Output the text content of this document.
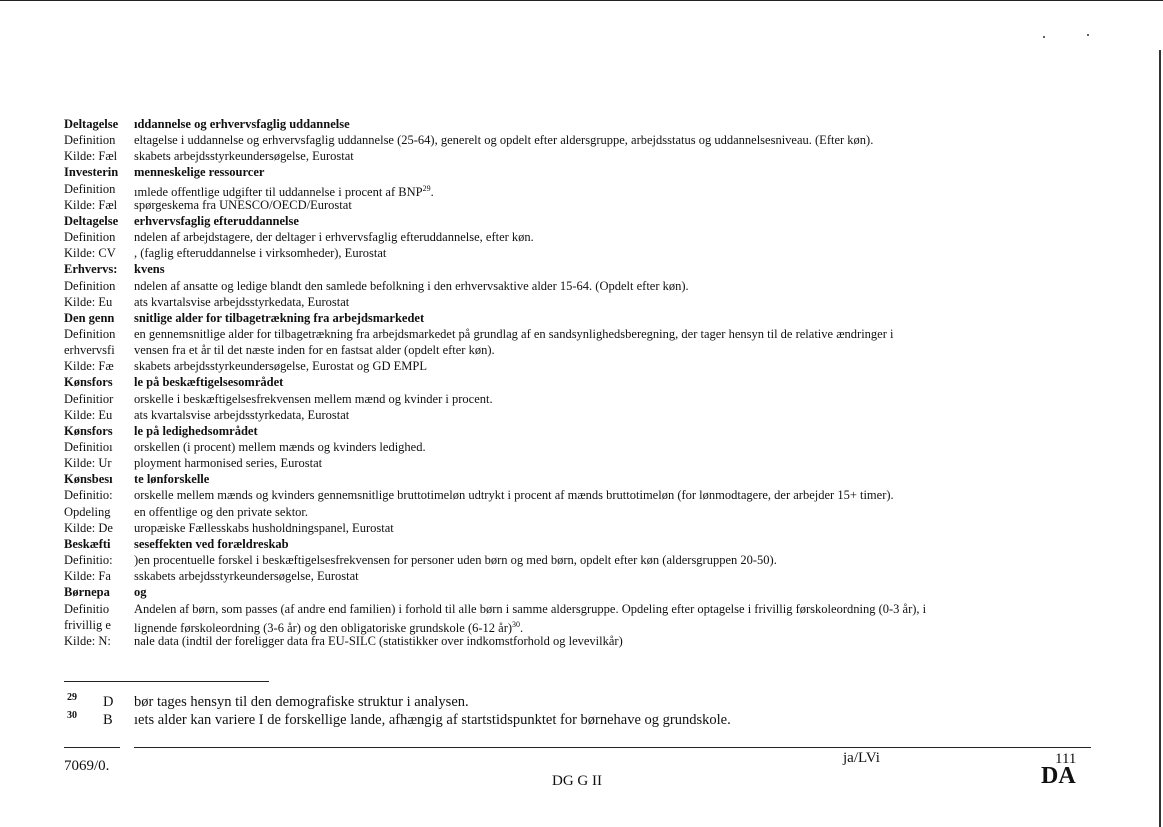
Deltagelse	ıddannelse og erhvervsfaglig uddannelse
Definition	eltagelse i uddannelse og erhvervsfaglig uddannelse (25-64), generelt og opdelt efter aldersgruppe, arbejdsstatus og uddannelsesniveau. (Efter køn).
Kilde: Fæl	skabets arbejdsstyrkeundersøgelse, Eurostat
Investerin	menneskelige ressourcer
Definition	ımlede offentlige udgifter til uddannelse i procent af BNP$^{29}$.
Kilde: Fæl	spørgeskema fra UNESCO/OECD/Eurostat
Deltagelse	erhvervsfaglig efteruddannelse
Definition	ndelen af arbejdstagere, der deltager i erhvervsfaglig efteruddannelse, efter køn.
Kilde: CV	, (faglig efteruddannelse i virksomheder), Eurostat
Erhvervs:	kvens
Definition	ndelen af ansatte og ledige blandt den samlede befolkning i den erhvervsaktive alder 15-64. (Opdelt efter køn).
Kilde: Eu	ats kvartalsvise arbejdsstyrkedata, Eurostat
Den genn	snitlige alder for tilbagetrækning fra arbejdsmarkedet
Definition	en gennemsnitlige alder for tilbagetrækning fra arbejdsmarkedet på grundlag af en sandsynlighedsberegning, der tager hensyn til de relative ændringer i
erhvervsfi	vensen fra et år til det næste inden for en fastsat alder (opdelt efter køn).
Kilde: Fæ	skabets arbejdsstyrkeundersøgelse, Eurostat og GD EMPL
Kønsfors	le på beskæftigelsesområdet
Definitior	orskelle i beskæftigelsesfrekvensen mellem mænd og kvinder i procent.
Kilde: Eu	ats kvartalsvise arbejdsstyrkedata, Eurostat
Kønsfors	le på ledighedsområdet
Definitioı	orskellen (i procent) mellem mænds og kvinders ledighed.
Kilde: Ur	ployment harmonised series, Eurostat
Kønsbesı	te lønforskelle
Definitio:	orskelle mellem mænds og kvinders gennemsnitlige bruttotimeløn udtrykt i procent af mænds bruttotimeløn (for lønmodtagere, der arbejder 15+ timer).
Opdeling	en offentlige og den private sektor.
Kilde: De	uropæiske Fællesskabs husholdningspanel, Eurostat
Beskæfti	seseffekten ved forældreskab
Definitio:	)en procentuelle forskel i beskæftigelsesfrekvensen for personer uden børn og med børn, opdelt efter køn (aldersgruppen 20-50).
Kilde: Fa	sskabets arbejdsstyrkeundersøgelse, Eurostat
Børnepa	og
Definitio	Andelen af børn, som passes (af andre end familien) i forhold til alle børn i samme aldersgruppe. Opdeling efter optagelse i frivillig førskoleordning (0-3 år), i
frivillig e	lignende førskoleordning (3-6 år) og den obligatoriske grundskole (6-12 år)$^{30}$.
Kilde: N:	nale data (indtil der foreligger data fra EU-SILC (statistikker over indkomstforhold og levevilkår)
29 D bør tages hensyn til den demografiske struktur i analysen.
30 B ıets alder kan variere I de forskellige lande, afhængig af startstidspunktet for børnehave og grundskole.
7069/0.	ja/LVi	111
DG G II	DA
